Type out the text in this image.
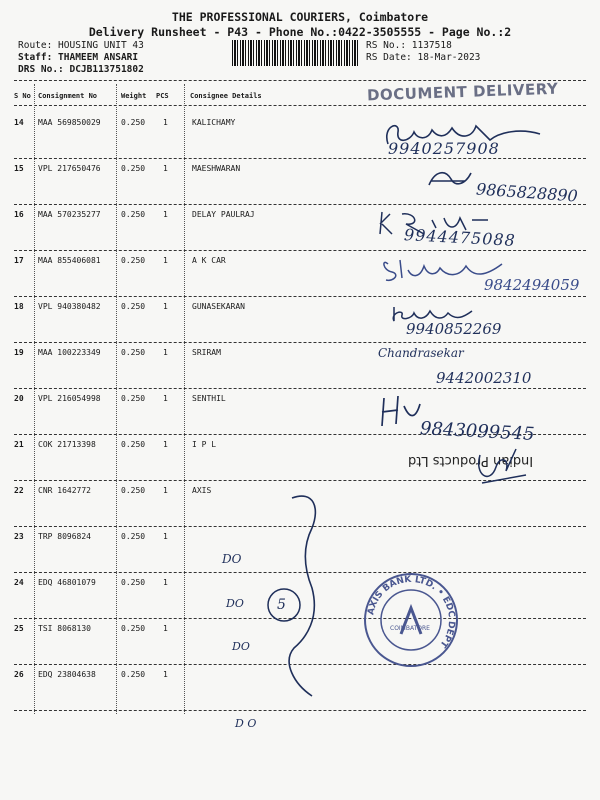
THE PROFESSIONAL COURIERS, Coimbatore
Delivery Runsheet - P43 - Phone No.:0422-3505555 - Page No.:2
Route: HOUSING UNIT 43
Staff: THAMEEM ANSARI
DRS No.: DCJB113751802
RS No.: 1137518
RS Date: 18-Mar-2023
S No Consignment No	Weight PCS	Consignee Details	DOCUMENT DELIVERY
14 MAA 569850029	0.250 1	KALICHAMY
15 VPL 217650476	0.250 1	MAESHWARAN
16 MAA 570235277	0.250 1	DELAY PAULRAJ
17 MAA 855406081	0.250 1	A K CAR
18 VPL 940380482	0.250 1	GUNASEKARAN
19 MAA 100223349	0.250 1	SRIRAM
20 VPL 216054998	0.250 1	SENTHIL
21 COK 21713398	0.250 1	I P L
22 CNR 1642772	0.250 1	AXIS
23 TRP 8096824	0.250 1
24 EDQ 46801079	0.250 1
25 TSI 8068130	0.250 1
26 EDQ 23804638	0.250 1
9940257908
9865828890
9944475088
9842494059
9940852269
Chandrasekar
9442002310
9843099545
Indian Products Ltd
DO
DO
DO
D O
5	AXIS BANK LTD. • EDC DEPT
COIMBATORE
